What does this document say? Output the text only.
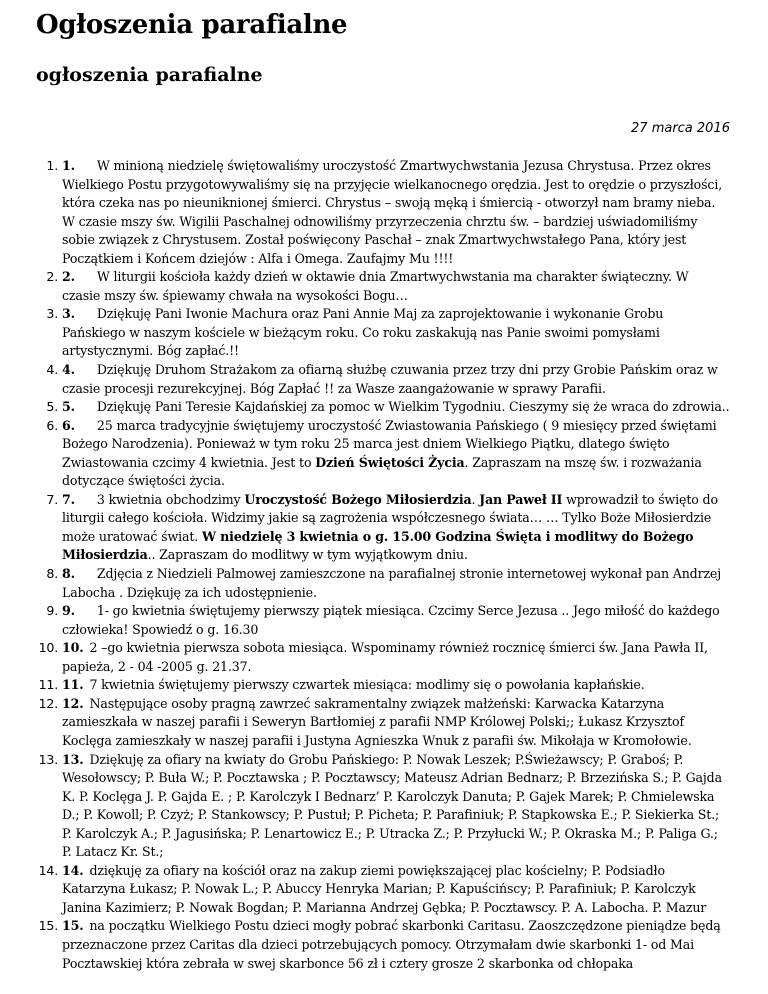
Ogłoszenia parafialne
ogłoszenia parafialne
27 marca 2016
1. 1. W minioną niedzielę świętowaliśmy uroczystość Zmartwychwstania Jezusa Chrystusa. Przez okres Wielkiego Postu przygotowywaliśmy się na przyjęcie wielkanocnego orędzia. Jest to orędzie o przyszłości, która czeka nas po nieuniknionej śmierci. Chrystus – swoją męką i śmiercią - otworzył nam bramy nieba. W czasie mszy św. Wigilii Paschalnej odnowiliśmy przyrzeczenia chrztu św. – bardziej uświadomiliśmy sobie związek z Chrystusem. Został poświęcony Paschał – znak Zmartwychwstałego Pana, który jest Początkiem i Końcem dziejów : Alfa i Omega. Zaufajmy Mu !!!!
2. 2. W liturgii kościoła każdy dzień w oktawie dnia Zmartwychwstania ma charakter świąteczny. W czasie mszy św. śpiewamy chwała na wysokości Bogu…
3. 3. Dziękuję Pani Iwonie Machura oraz Pani Annie Maj za zaprojektowanie i wykonanie Grobu Pańskiego w naszym kościele w bieżącym roku. Co roku zaskakują nas Panie swoimi pomysłami artystycznymi. Bóg zapłać.!!
4. 4. Dziękuję Druhom Strażakom za ofiarną służbę czuwania przez trzy dni przy Grobie Pańskim oraz w czasie procesji rezurekcyjnej. Bóg Zapłać !! za Wasze zaangażowanie w sprawy Parafii.
5. 5. Dziękuję Pani Teresie Kajdańskiej za pomoc w Wielkim Tygodniu. Cieszymy się że wraca do zdrowia..
6. 6. 25 marca tradycyjnie świętujemy uroczystość Zwiastowania Pańskiego ( 9 miesięcy przed świętami Bożego Narodzenia). Ponieważ w tym roku 25 marca jest dniem Wielkiego Piątku, dlatego święto Zwiastowania czcimy 4 kwietnia. Jest to Dzień Świętości Życia. Zapraszam na mszę św. i rozważania dotyczące świętości życia.
7. 7. 3 kwietnia obchodzimy Uroczystość Bożego Miłosierdzia. Jan Paweł II wprowadził to święto do liturgii całego kościoła. Widzimy jakie są zagrożenia współczesnego świata… … Tylko Boże Miłosierdzie może uratować świat. W niedzielę 3 kwietnia o g. 15.00 Godzina Święta i modlitwy do Bożego Miłosierdzia.. Zapraszam do modlitwy w tym wyjątkowym dniu.
8. 8. Zdjęcia z Niedzieli Palmowej zamieszczone na parafialnej stronie internetowej wykonał pan Andrzej Labocha . Dziękuję za ich udostępnienie.
9. 9. 1- go kwietnia świętujemy pierwszy piątek miesiąca. Czcimy Serce Jezusa .. Jego miłość do każdego człowieka! Spowiedź o g. 16.30
10. 10. 2 –go kwietnia pierwsza sobota miesiąca. Wspominamy również rocznicę śmierci św. Jana Pawła II, papieża, 2 - 04 -2005 g. 21.37.
11. 11. 7 kwietnia świętujemy pierwszy czwartek miesiąca: modlimy się o powołania kapłańskie.
12. 12. Następujące osoby pragną zawrzeć sakramentalny związek małżeński: Karwacka Katarzyna zamieszkała w naszej parafii i Seweryn Bartłomiej z parafii NMP Królowej Polski;; Łukasz Krzysztof Koclęga zamieszkały w naszej parafii i Justyna Agnieszka Wnuk z parafii św. Mikołaja w Kromołowie.
13. 13. Dziękuję za ofiary na kwiaty do Grobu Pańskiego: P. Nowak Leszek; P.Świeżawscy; P. Graboś; P. Wesołowscy; P. Buła W.; P. Pocztawska ; P. Pocztawscy; Mateusz Adrian Bednarz; P. Brzezińska S.; P. Gajda K. P. Koclęga J. P. Gajda E. ; P. Karolczyk I Bednarz’ P. Karolczyk Danuta; P. Gajek Marek; P. Chmielewska D.; P. Kowoll; P. Czyż; P. Stankowscy; P. Pustuł; P. Picheta; P. Parafiniuk; P. Stapkowska E.; P. Siekierka St.; P. Karolczyk A.; P. Jagusińska; P. Lenartowicz E.; P. Utracka Z.; P. Przyłucki W.; P. Okraska M.; P. Paliga G.; P. Latacz Kr. St.;
14. 14. dziękuję za ofiary na kościół oraz na zakup ziemi powiększającej plac kościelny; P. Podsiadło Katarzyna Łukasz; P. Nowak L.; P. Abuccy Henryka Marian; P. Kapuścińscy; P. Parafiniuk; P. Karolczyk Janina Kazimierz; P. Nowak Bogdan; P. Marianna Andrzej Gębka; P. Pocztawscy. P. A. Labocha. P. Mazur
15. 15. na początku Wielkiego Postu dzieci mogły pobrać skarbonki Caritasu. Zaoszczędzone pieniądze będą przeznaczone przez Caritas dla dzieci potrzebujących pomocy. Otrzymałam dwie skarbonki 1- od Mai Pocztawskiej która zebrała w swej skarbonce 56 zł i cztery grosze 2 skarbonka od chłopaka
